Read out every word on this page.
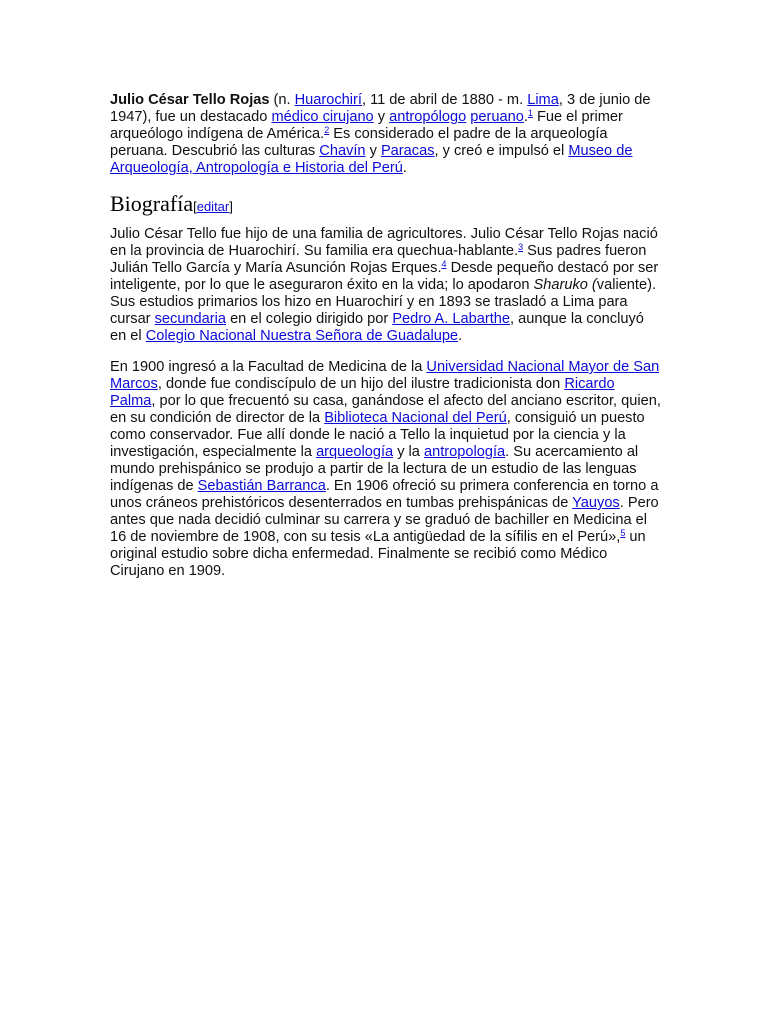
Julio César Tello Rojas (n. Huarochirí, 11 de abril de 1880 - m. Lima, 3 de junio de 1947), fue un destacado médico cirujano y antropólogo peruano.$^1$ Fue el primer arqueólogo indígena de América.$^2$ Es considerado el padre de la arqueología peruana. Descubrió las culturas Chavín y Paracas, y creó e impulsó el Museo de Arqueología, Antropología e Historia del Perú.

Biografía[editar]

Julio César Tello fue hijo de una familia de agricultores. Julio César Tello Rojas nació en la provincia de Huarochirí. Su familia era quechua-hablante.$^3$ Sus padres fueron Julián Tello García y María Asunción Rojas Erques.$^4$ Desde pequeño destacó por ser inteligente, por lo que le aseguraron éxito en la vida; lo apodaron Sharuko (valiente). Sus estudios primarios los hizo en Huarochirí y en 1893 se trasladó a Lima para cursar secundaria en el colegio dirigido por Pedro A. Labarthe, aunque la concluyó en el Colegio Nacional Nuestra Señora de Guadalupe.

En 1900 ingresó a la Facultad de Medicina de la Universidad Nacional Mayor de San Marcos, donde fue condiscípulo de un hijo del ilustre tradicionista don Ricardo Palma, por lo que frecuentó su casa, ganándose el afecto del anciano escritor, quien, en su condición de director de la Biblioteca Nacional del Perú, consiguió un puesto como conservador. Fue allí donde le nació a Tello la inquietud por la ciencia y la investigación, especialmente la arqueología y la antropología. Su acercamiento al mundo prehispánico se produjo a partir de la lectura de un estudio de las lenguas indígenas de Sebastián Barranca. En 1906 ofreció su primera conferencia en torno a unos cráneos prehistóricos desenterrados en tumbas prehispánicas de Yauyos. Pero antes que nada decidió culminar su carrera y se graduó de bachiller en Medicina el 16 de noviembre de 1908, con su tesis «La antigüedad de la sífilis en el Perú»,$^5$ un original estudio sobre dicha enfermedad. Finalmente se recibió como Médico Cirujano en 1909.
